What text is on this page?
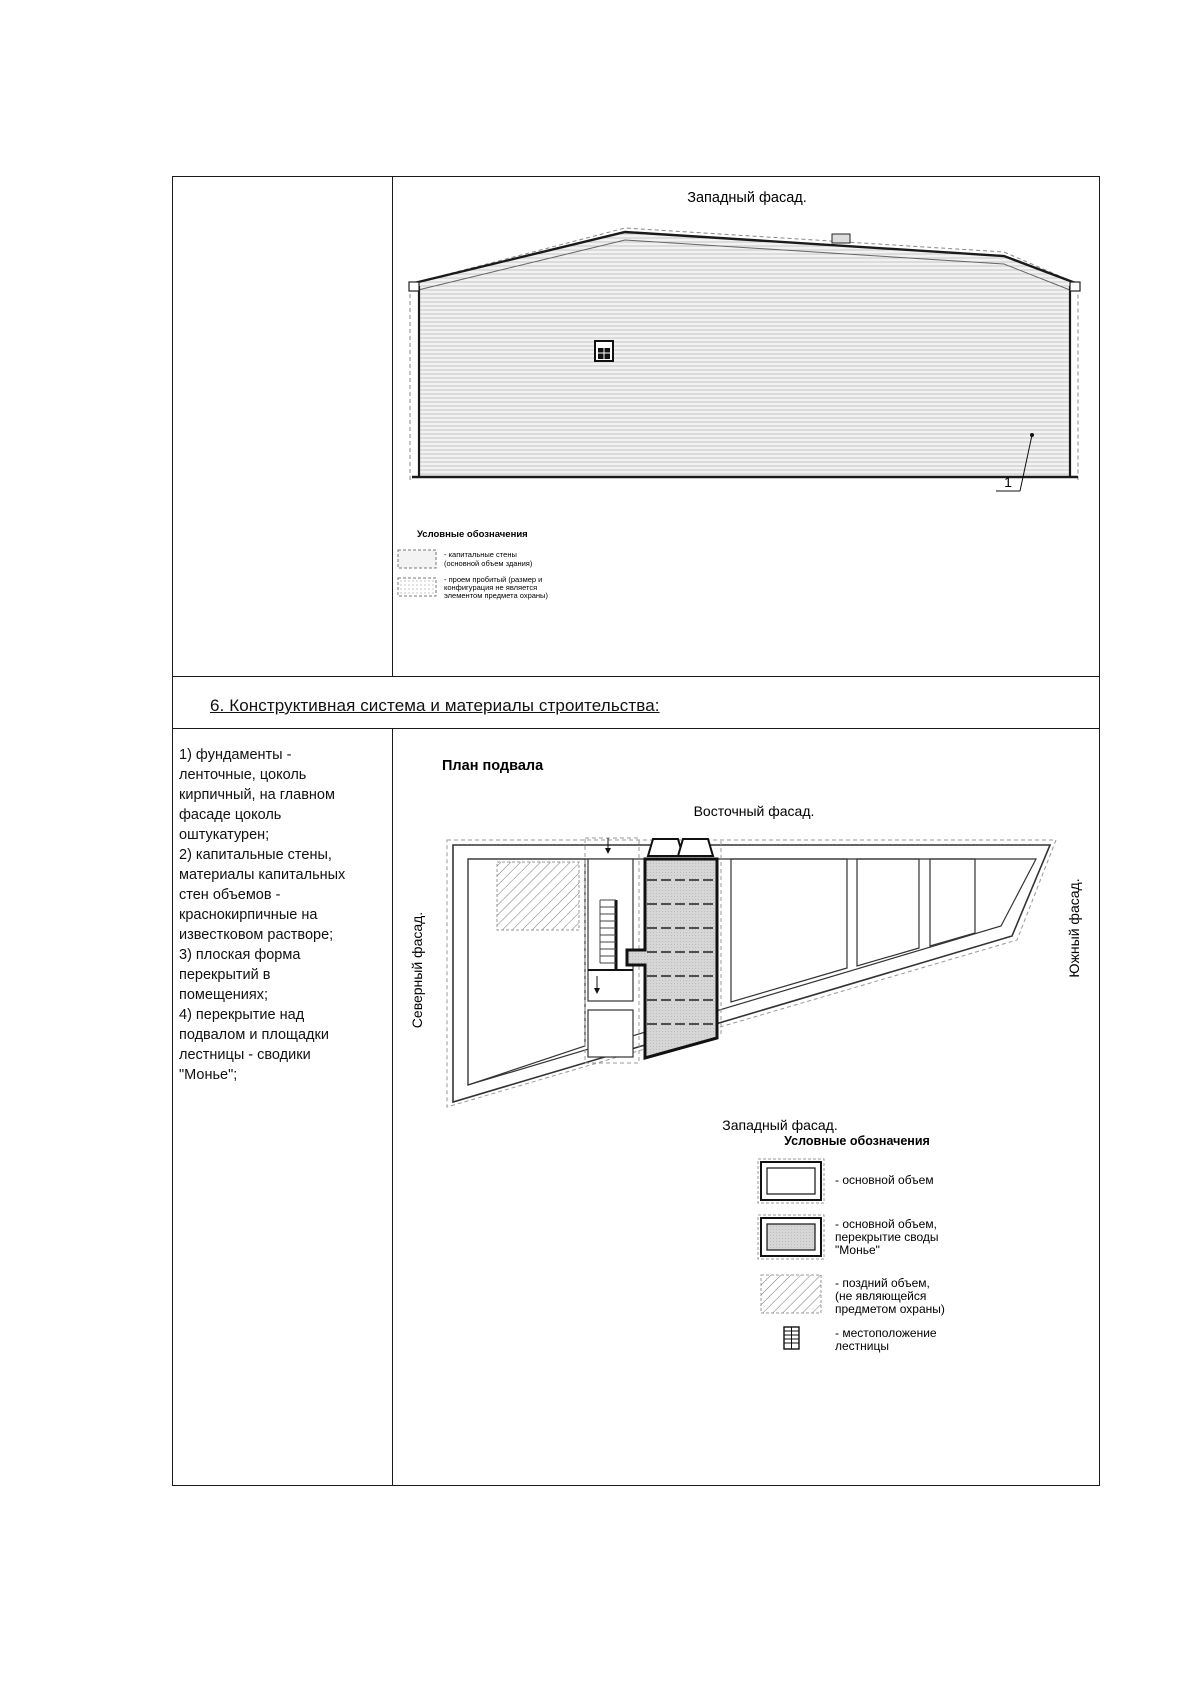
6. Конструктивная система и материалы строительства:
1) фундаменты -
ленточные, цоколь
кирпичный, на главном
фасаде цоколь
оштукатурен;
2) капитальные стены,
материалы капитальных
стен объемов -
краснокирпичные на
известковом растворе;
3) плоская форма
перекрытий в
помещениях;
4) перекрытие над
подвалом и площадки
лестницы - сводики
"Монье";
Западный фасад.
1
Условные обозначения
- капитальные стены (основной объем здания)
- проем пробитый (размер и конфигурация не является элементом предмета охраны)
План подвала
Восточный фасад.
Западный фасад.
Северный фасад.	Южный фасад.
Условные обозначения
- основной объем
- основной объем, перекрытие своды "Монье"
- поздний объем, (не являющейся предметом охраны)
- местоположение лестницы
